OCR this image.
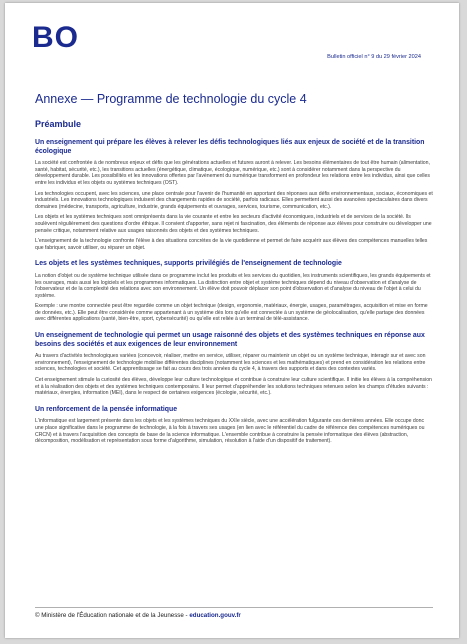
BO
Bulletin officiel n° 9 du 29 février 2024
Annexe — Programme de technologie du cycle 4
Préambule
Un enseignement qui prépare les élèves à relever les défis technologiques liés aux enjeux de société et de la transition écologique

La société est confrontée à de nombreux enjeux et défis que les générations actuelles et futures auront à relever. Les besoins élémentaires de tout être humain (alimentation, santé, habitat, sécurité, etc.), les transitions actuelles (énergétique, climatique, écologique, numérique, etc.) sont à considérer notamment dans la perspective du développement durable. Les possibilités et les innovations offertes par l'avènement du numérique transforment en profondeur les relations entre les individus, ainsi que celles entre les individus et les objets ou systèmes techniques (OST).

Les technologies occupent, avec les sciences, une place centrale pour l'avenir de l'humanité en apportant des réponses aux défis environnementaux, sociaux, économiques et industriels. Les innovations technologiques induisent des changements rapides de société, parfois radicaux. Elles permettent aussi des avancées spectaculaires dans divers domaines (médecine, transports, agriculture, industrie, grands équipements et ouvrages, services, tourisme, communication, etc.).

Les objets et les systèmes techniques sont omniprésents dans la vie courante et entre les secteurs d'activité économiques, industriels et de services de la société. Ils soulèvent régulièrement des questions d'ordre éthique. Il convient d'apporter, sans rejet ni fascination, des éléments de réponse aux élèves pour construire ou développer une pensée critique, notamment relative aux usages raisonnés des objets et des systèmes techniques.

L'enseignement de la technologie confronte l'élève à des situations concrètes de la vie quotidienne et permet de faire acquérir aux élèves des compétences manuelles telles que fabriquer, savoir utiliser, ou réparer un objet.

Les objets et les systèmes techniques, supports privilégiés de l'enseignement de technologie

La notion d'objet ou de système technique utilisée dans ce programme inclut les produits et les services du quotidien, les instruments scientifiques, les grands équipements et les ouvrages, mais aussi les logiciels et les programmes informatiques. La distinction entre objet et système techniques dépend du niveau d'observation et d'analyse de l'observateur et de la complexité des relations avec son environnement. Un élève doit pouvoir déplacer son point d'observation et d'analyse du niveau de l'objet à celui du système.

Exemple : une montre connectée peut être regardée comme un objet technique (design, ergonomie, matériaux, énergie, usages, paramétrages, acquisition et mise en forme de données, etc.). Elle peut être considérée comme appartenant à un système dès lors qu'elle est connectée à un système de géolocalisation, qu'elle partage des données avec différentes applications (santé, bien-être, sport, cybersécurité) ou qu'elle est reliée à un terminal de télé-assistance.

Un enseignement de technologie qui permet un usage raisonné des objets et des systèmes techniques en réponse aux besoins des sociétés et aux exigences de leur environnement

Au travers d'activités technologiques variées (concevoir, réaliser, mettre en service, utiliser, réparer ou maintenir un objet ou un système technique, interagir sur et avec son environnement), l'enseignement de technologie mobilise différentes disciplines (notamment les sciences et les mathématiques) et prend en considération les relations entre sciences, technologies et société. Cet apprentissage se fait au cours des trois années du cycle 4, à travers des supports et dans des contextes variés.

Cet enseignement stimule la curiosité des élèves, développe leur culture technologique et contribue à construire leur culture scientifique. Il initie les élèves à la compréhension et à la réalisation des objets et des systèmes techniques contemporains. Il leur permet d'appréhender les solutions techniques retenues selon les champs d'études suivants : matériaux, énergies, information (MEI), dans le respect de certaines exigences (écologie, sécurité, etc.).

Un renforcement de la pensée informatique

L'informatique est largement présente dans les objets et les systèmes techniques du XXIe siècle, avec une accélération fulgurante ces dernières années. Elle occupe donc une place significative dans le programme de technologie, à la fois à travers ses usages (en lien avec le référentiel du cadre de référence des compétences numériques ou CRCN) et à travers l'acquisition des concepts de base de la science informatique. L'ensemble contribue à construire la pensée informatique des élèves (abstraction, décomposition, modélisation et représentation sous forme d'algorithme, simulation, résolution à l'aide d'un dispositif de traitement).

© Ministère de l'Éducation nationale et de la Jeunesse - education.gouv.fr
